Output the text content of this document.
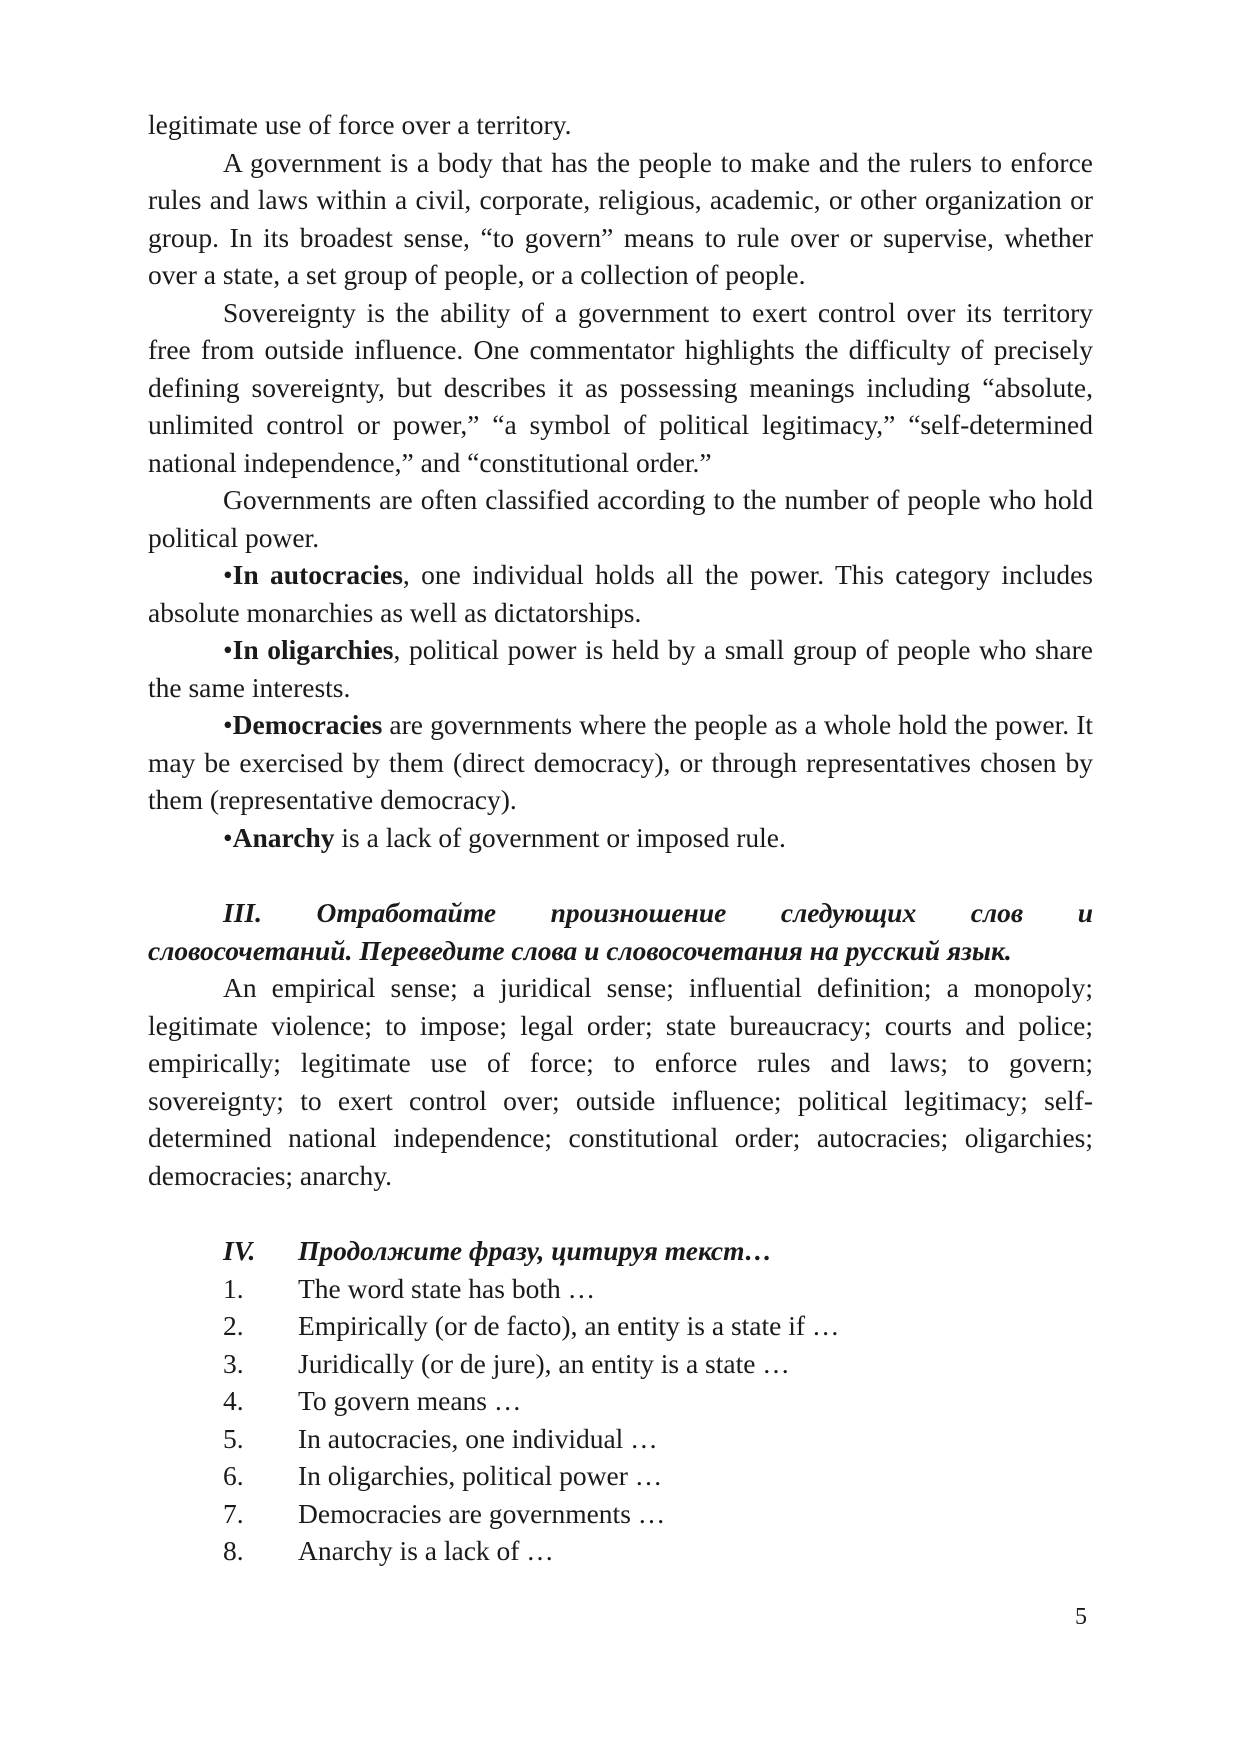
legitimate use of force over a territory.

A government is a body that has the people to make and the rulers to enforce rules and laws within a civil, corporate, religious, academic, or other organization or group. In its broadest sense, “to govern” means to rule over or supervise, whether over a state, a set group of people, or a collection of people.

Sovereignty is the ability of a government to exert control over its territory free from outside influence. One commentator highlights the difficulty of precisely defining sovereignty, but describes it as possessing meanings including “absolute, unlimited control or power,” “a symbol of political legitimacy,” “self-determined national independence,” and “constitutional order.”

Governments are often classified according to the number of people who hold political power.

•In autocracies, one individual holds all the power. This category includes absolute monarchies as well as dictatorships.

•In oligarchies, political power is held by a small group of people who share the same interests.

•Democracies are governments where the people as a whole hold the power. It may be exercised by them (direct democracy), or through representatives chosen by them (representative democracy).

•Anarchy is a lack of government or imposed rule.

III. Отработайте произношение следующих слов и
словосочетаний. Переведите слова и словосочетания на русский язык.

An empirical sense; a juridical sense; influential definition; a monopoly; legitimate violence; to impose; legal order; state bureaucracy; courts and police; empirically; legitimate use of force; to enforce rules and laws; to govern; sovereignty; to exert control over; outside influence; political legitimacy; self-determined national independence; constitutional order; autocracies; oligarchies; democracies; anarchy.

IV.	Продолжите фразу, цитируя текст…
1.	The word state has both …
2.	Empirically (or de facto), an entity is a state if …
3.	Juridically (or de jure), an entity is a state …
4.	To govern means …
5.	In autocracies, one individual …
6.	In oligarchies, political power …
7.	Democracies are governments …
8.	Anarchy is a lack of …
5
